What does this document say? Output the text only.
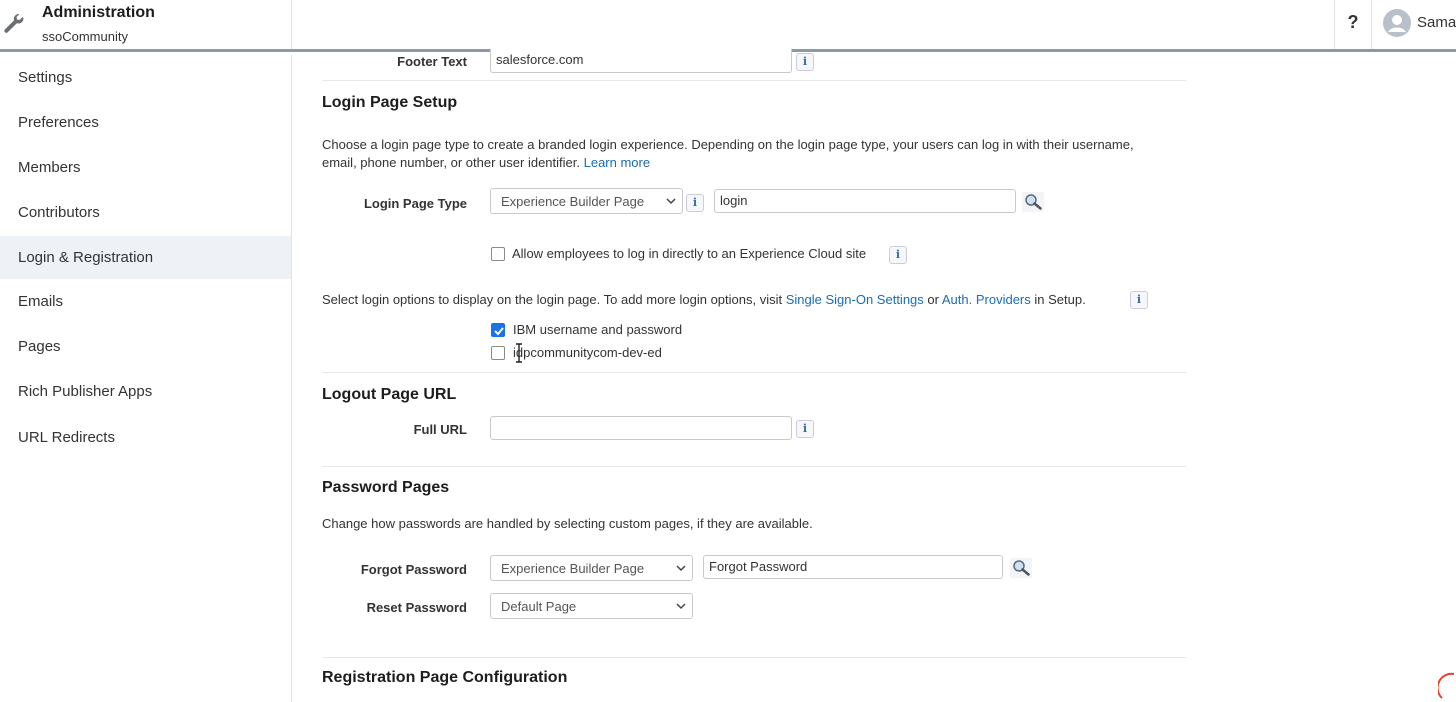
Administration
ssoCommunity
?	Sama
Settings
Preferences
Members
Contributors
Login & Registration
Emails
Pages
Rich Publisher Apps
URL Redirects
Footer Text	salesforce.com	i
Login Page Setup
Choose a login page type to create a branded login experience. Depending on the login page type, your users can log in with their username,
email, phone number, or other user identifier. Learn more
Login Page Type	Experience Builder Page	i	login
Allow employees to log in directly to an Experience Cloud site	i
Select login options to display on the login page. To add more login options, visit Single Sign-On Settings or Auth. Providers in Setup.	i
IBM username and password
idpcommunitycom-dev-ed
Logout Page URL
Full URL	i
Password Pages
Change how passwords are handled by selecting custom pages, if they are available.
Forgot Password	Experience Builder Page	Forgot Password
Reset Password	Default Page
Registration Page Configuration
